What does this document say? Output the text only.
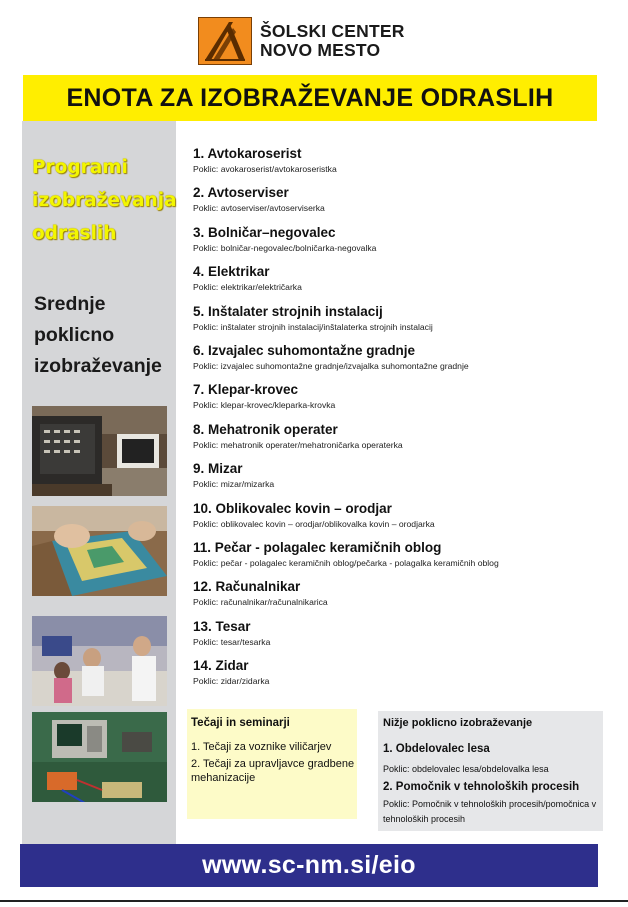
ŠOLSKI CENTER
NOVO MESTO
ENOTA ZA IZOBRAŽEVANJE ODRASLIH
Programi
izobraževanja
odraslih
Srednje
poklicno
izobraževanje
1. Avtokaroserist
Poklic: avokaroserist/avtokaroseristka
2. Avtoserviser
Poklic: avtoserviser/avtoserviserka
3. Bolničar–negovalec
Poklic: bolničar-negovalec/bolničarka-negovalka
4. Elektrikar
Poklic: elektrikar/električarka
5. Inštalater strojnih instalacij
Poklic: inštalater strojnih instalacij/inštalaterka strojnih instalacij
6. Izvajalec suhomontažne gradnje
Poklic: izvajalec suhomontažne gradnje/izvajalka suhomontažne gradnje
7. Klepar-krovec
Poklic: klepar-krovec/kleparka-krovka
8. Mehatronik operater
Poklic: mehatronik operater/mehatroničarka operaterka
9. Mizar
Poklic: mizar/mizarka
10. Oblikovalec kovin – orodjar
Poklic: oblikovalec kovin – orodjar/oblikovalka kovin – orodjarka
11. Pečar - polagalec keramičnih oblog
Poklic: pečar - polagalec keramičnih oblog/pečarka - polagalka keramičnih oblog
12. Računalnikar
Poklic: računalnikar/računalnikarica
13. Tesar
Poklic: tesar/tesarka
14. Zidar
Poklic: zidar/zidarka
Tečaji in seminarji
1. Tečaji za voznike viličarjev
2. Tečaji za upravljavce gradbene mehanizacije
Nižje poklicno izobraževanje
1. Obdelovalec lesa
Poklic: obdelovalec lesa/obdelovalka lesa
2. Pomočnik v tehnoloških procesih
Poklic: Pomočnik v tehnoloških procesih/pomočnica v tehnoloških procesih
www.sc-nm.si/eio
